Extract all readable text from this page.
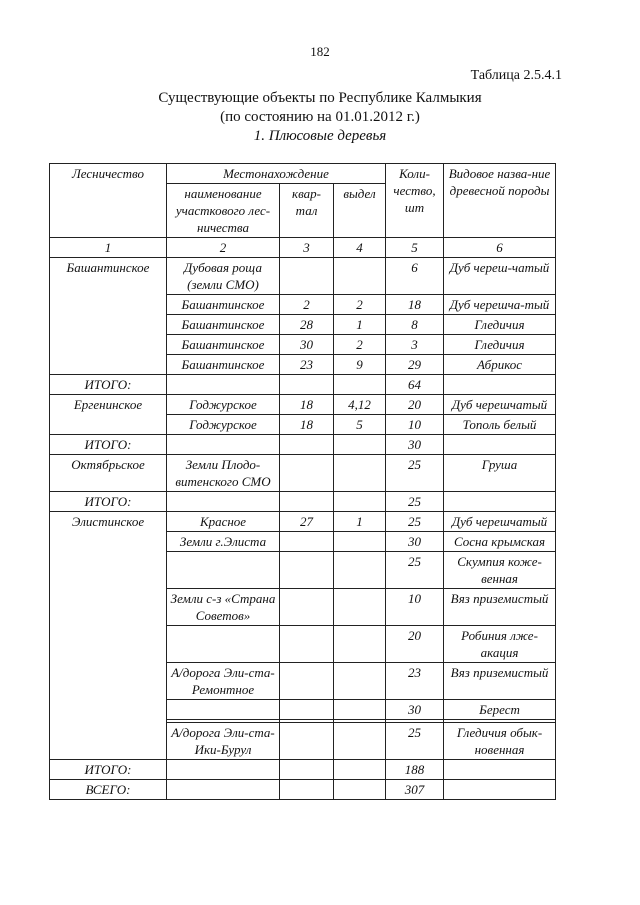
182
Таблица 2.5.4.1
Существующие объекты по Республике Калмыкия
(по состоянию на 01.01.2012 г.)
1. Плюсовые деревья
Лесничество	Местонахождение			Коли-чество, шт	Видовое назва-ние древесной породы
	наименование участкового лес-ничества	квар-тал	выдел		
1	2	3	4	5	6
Башантинское	Дубовая роща (земли СМО)			6	Дуб череш-чатый
	Башантинское	2	2	18	Дуб черешча-тый
	Башантинское	28	1	8	Гледичия
	Башантинское	30	2	3	Гледичия
	Башантинское	23	9	29	Абрикос
ИТОГО:				64	
Ергенинское	Годжурское	18	4,12	20	Дуб черешчатый
	Годжурское	18	5	10	Тополь белый
ИТОГО:				30	
Октябрьское	Земли Плодо-витенского СМО			25	Груша
ИТОГО:				25	
Элистинское	Красное	27	1	25	Дуб черешчатый
	Земли г.Элиста			30	Сосна крымская
				25	Скумпия коже-венная
	Земли с-з «Страна Советов»			10	Вяз приземистый
				20	Робиния лже-акация
	А/дорога Эли-ста-Ремонтное			23	Вяз приземистый
				30	Берест

	А/дорога Эли-ста-Ики-Бурул			25	Гледичия обык-новенная
ИТОГО:				188	
ВСЕГО:				307	
